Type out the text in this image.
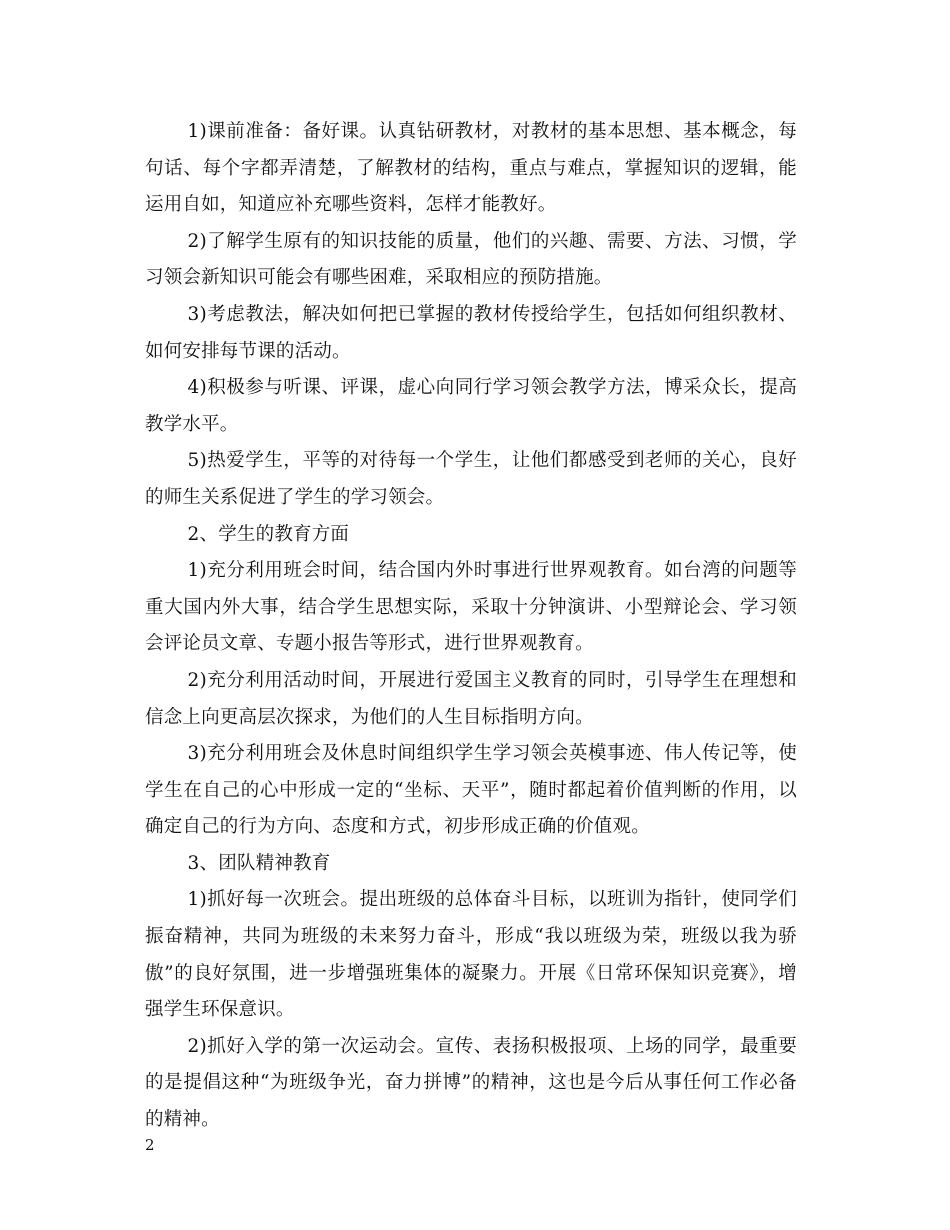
1)课前准备：备好课。认真钻研教材，对教材的基本思想、基本概念，每句话、每个字都弄清楚，了解教材的结构，重点与难点，掌握知识的逻辑，能运用自如，知道应补充哪些资料，怎样才能教好。

2)了解学生原有的知识技能的质量，他们的兴趣、需要、方法、习惯，学习领会新知识可能会有哪些困难，采取相应的预防措施。

3)考虑教法，解决如何把已掌握的教材传授给学生，包括如何组织教材、如何安排每节课的活动。

4)积极参与听课、评课，虚心向同行学习领会教学方法，博采众长，提高教学水平。

5)热爱学生，平等的对待每一个学生，让他们都感受到老师的关心，良好的师生关系促进了学生的学习领会。

2、学生的教育方面

1)充分利用班会时间，结合国内外时事进行世界观教育。如台湾的问题等重大国内外大事，结合学生思想实际，采取十分钟演讲、小型辩论会、学习领会评论员文章、专题小报告等形式，进行世界观教育。

2)充分利用活动时间，开展进行爱国主义教育的同时，引导学生在理想和信念上向更高层次探求，为他们的人生目标指明方向。

3)充分利用班会及休息时间组织学生学习领会英模事迹、伟人传记等，使学生在自己的心中形成一定的“坐标、天平”，随时都起着价值判断的作用，以确定自己的行为方向、态度和方式，初步形成正确的价值观。

3、团队精神教育

1)抓好每一次班会。提出班级的总体奋斗目标，以班训为指针，使同学们振奋精神，共同为班级的未来努力奋斗，形成“我以班级为荣，班级以我为骄傲”的良好氛围，进一步增强班集体的凝聚力。开展《日常环保知识竞赛》，增强学生环保意识。

2)抓好入学的第一次运动会。宣传、表扬积极报项、上场的同学，最重要的是提倡这种“为班级争光，奋力拼博”的精神，这也是今后从事任何工作必备的精神。

2
